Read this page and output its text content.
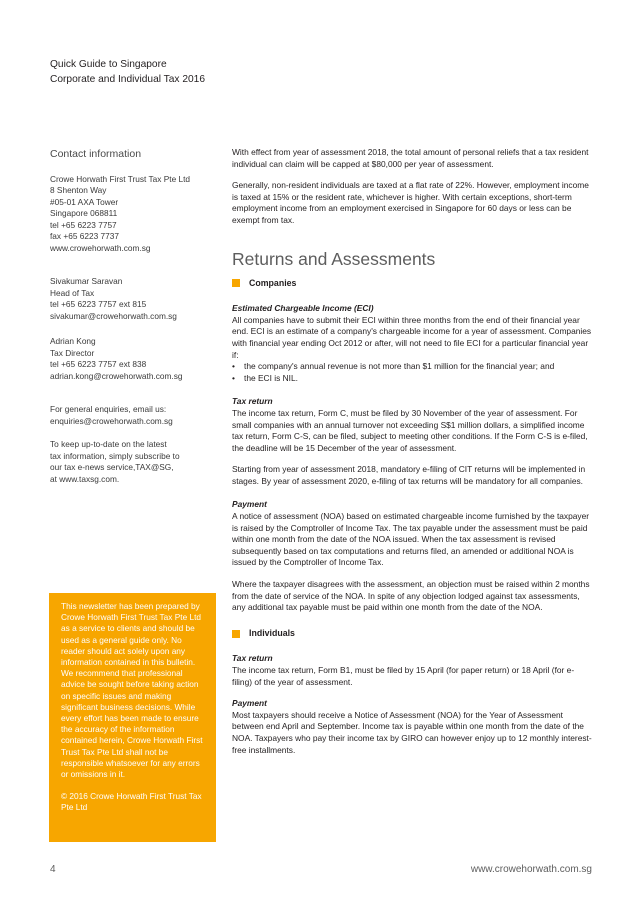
Quick Guide to Singapore
Corporate and Individual Tax 2016
Contact information

Crowe Horwath First Trust Tax Pte Ltd

8 Shenton Way

#05-01 AXA Tower

Singapore 068811

tel +65 6223 7757

fax +65 6223 7737

www.crowehorwath.com.sg

Sivakumar Saravan

Head of Tax

tel +65 6223 7757 ext 815

sivakumar@crowehorwath.com.sg

Adrian Kong

Tax Director

tel +65 6223 7757 ext 838

adrian.kong@crowehorwath.com.sg

For general enquiries, email us:

enquiries@crowehorwath.com.sg

To keep up-to-date on the latest

tax information, simply subscribe to

our tax e-news service,TAX@SG,

at www.taxsg.com.

This newsletter has been prepared by Crowe Horwath First Trust Tax Pte Ltd as a service to clients and should be used as a general guide only. No reader should act solely upon any information contained in this bulletin. We recommend that professional advice be sought before taking action on specific issues and making significant business decisions. While every effort has been made to ensure the accuracy of the information contained herein, Crowe Horwath First Trust Tax Pte Ltd shall not be responsible whatsoever for any errors or omissions in it.

© 2016 Crowe Horwath First Trust Tax Pte Ltd

With effect from year of assessment 2018, the total amount of personal reliefs that a tax resident individual can claim will be capped at $80,000 per year of assessment.

Generally, non-resident individuals are taxed at a flat rate of 22%. However, employment income is taxed at 15% or the resident rate, whichever is higher. With certain exceptions, short-term employment income from an employment exercised in Singapore for 60 days or less can be exempt from tax.

Returns and Assessments
Companies

Estimated Chargeable Income (ECI)

All companies have to submit their ECI within three months from the end of their financial year end. ECI is an estimate of a company's chargeable income for a year of assessment. Companies with financial year ending Oct 2012 or after, will not need to file ECI for a particular financial year if:

• the company's annual revenue is not more than $1 million for the financial year; and
• the ECI is NIL.

Tax return

The income tax return, Form C, must be filed by 30 November of the year of assessment. For small companies with an annual turnover not exceeding S$1 million dollars, a simplified income tax return, Form C-S, can be filed, subject to meeting other conditions. If the Form C-S is e-filed, the deadline will be 15 December of the year of assessment.

Starting from year of assessment 2018, mandatory e-filing of CIT returns will be implemented in stages. By year of assessment 2020, e-filing of tax returns will be mandatory for all companies.

Payment

A notice of assessment (NOA) based on estimated chargeable income furnished by the taxpayer is raised by the Comptroller of Income Tax. The tax payable under the assessment must be paid within one month from the date of the NOA issued. When the tax assessment is revised subsequently based on tax computations and returns filed, an amended or additional NOA is issued by the Comptroller of Income Tax.

Where the taxpayer disagrees with the assessment, an objection must be raised within 2 months from the date of service of the NOA. In spite of any objection lodged against tax assessments, any additional tax payable must be paid within one month from the date of the NOA.

Individuals

Tax return

The income tax return, Form B1, must be filed by 15 April (for paper return) or 18 April (for e-filing) of the year of assessment.

Payment

Most taxpayers should receive a Notice of Assessment (NOA) for the Year of Assessment between end April and September. Income tax is payable within one month from the date of the NOA. Taxpayers who pay their income tax by GIRO can however enjoy up to 12 monthly interest-free installments.

4	www.crowehorwath.com.sg
